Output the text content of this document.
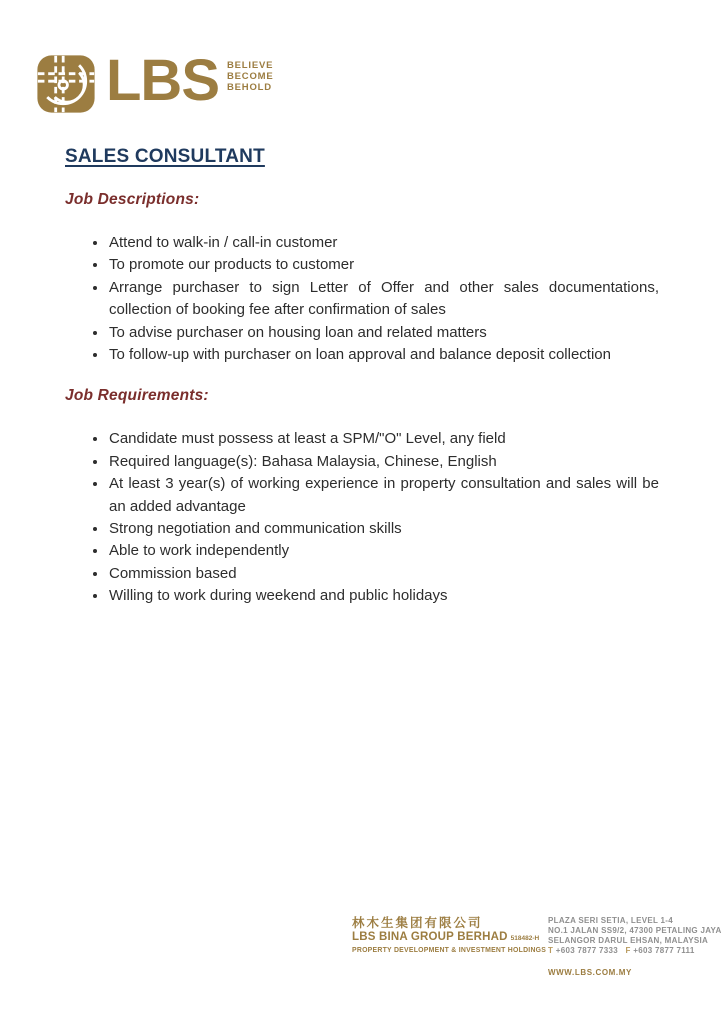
LBS BELIEVE
BECOME
BEHOLD
SALES CONSULTANT
Job Descriptions:
• Attend to walk-in / call-in customer
• To promote our products to customer
• Arrange purchaser to sign Letter of Offer and other sales documentations, collection of booking fee after confirmation of sales
• To advise purchaser on housing loan and related matters
• To follow-up with purchaser on loan approval and balance deposit collection
Job Requirements:
• Candidate must possess at least a SPM/"O" Level, any field
• Required language(s): Bahasa Malaysia, Chinese, English
• At least 3 year(s) of working experience in property consultation and sales will be an added advantage
• Strong negotiation and communication skills
• Able to work independently
• Commission based
• Willing to work during weekend and public holidays
林木生集团有限公司
LBS BINA GROUP BERHAD 518482-H
PROPERTY DEVELOPMENT & INVESTMENT HOLDINGS
PLAZA SERI SETIA, LEVEL 1-4
NO.1 JALAN SS9/2, 47300 PETALING JAYA
SELANGOR DARUL EHSAN, MALAYSIA
T +603 7877 7333 F +603 7877 7111
WWW.LBS.COM.MY
